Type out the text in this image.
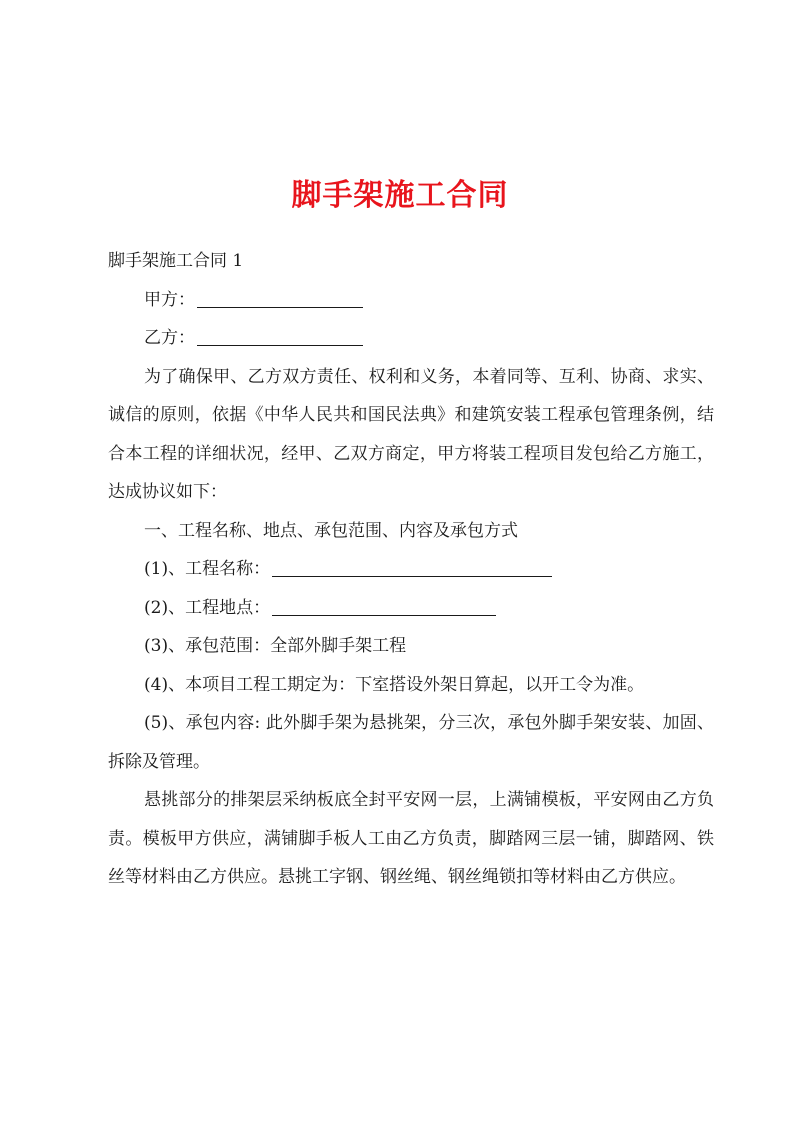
脚手架施工合同

脚手架施工合同 1

甲方：

乙方：

为了确保甲、乙方双方责任、权利和义务，本着同等、互利、协商、求实、诚信的原则，依据《中华人民共和国民法典》和建筑安装工程承包管理条例，结合本工程的详细状况，经甲、乙双方商定，甲方将装工程项目发包给乙方施工，达成协议如下：

一、工程名称、地点、承包范围、内容及承包方式

(1)、工程名称：

(2)、工程地点：

(3)、承包范围：全部外脚手架工程

(4)、本项目工程工期定为：下室搭设外架日算起，以开工令为准。

(5)、承包内容: 此外脚手架为悬挑架，分三次，承包外脚手架安装、加固、拆除及管理。

悬挑部分的排架层采纳板底全封平安网一层，上满铺模板，平安网由乙方负责。模板甲方供应，满铺脚手板人工由乙方负责，脚踏网三层一铺，脚踏网、铁丝等材料由乙方供应。悬挑工字钢、钢丝绳、钢丝绳锁扣等材料由乙方供应。
